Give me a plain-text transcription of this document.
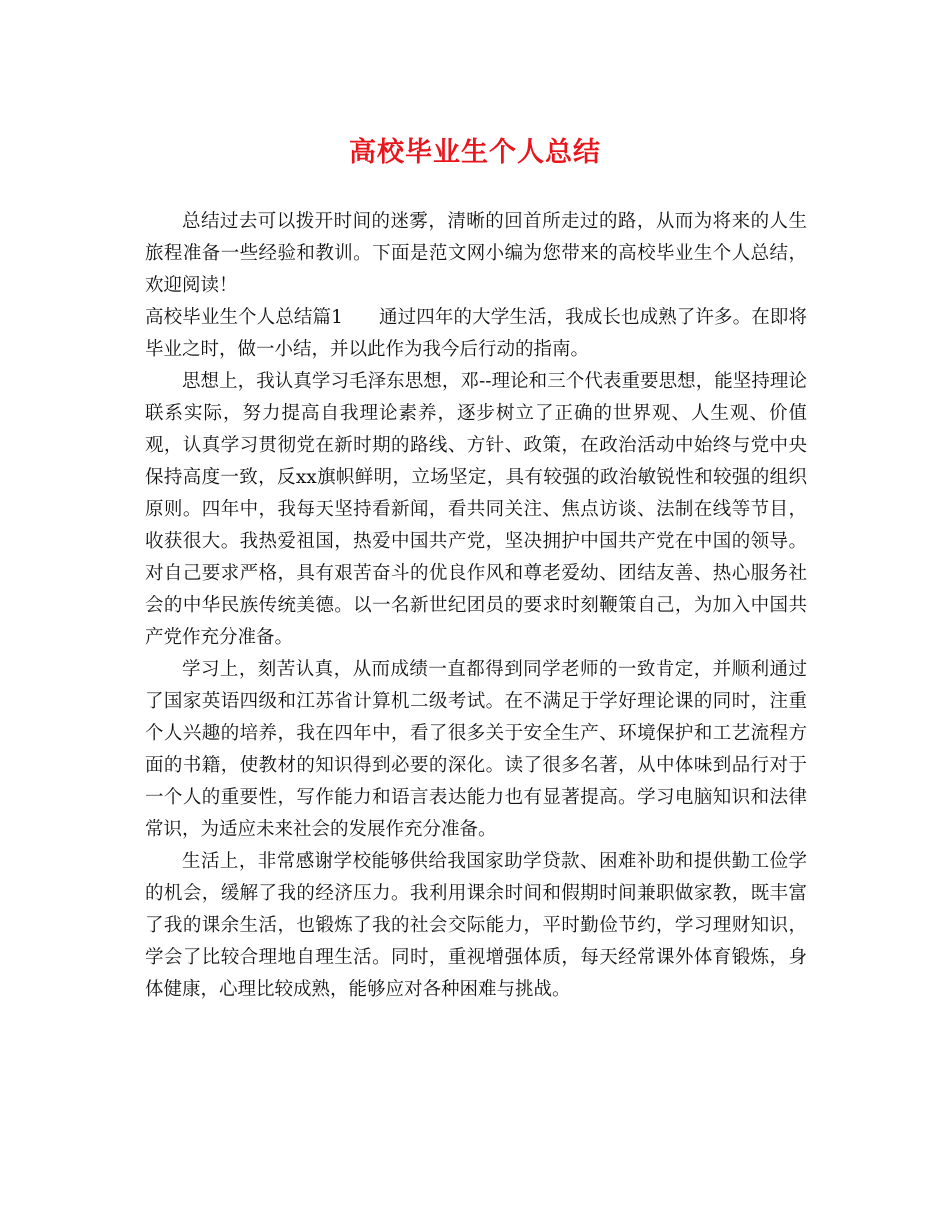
高校毕业生个人总结

总结过去可以拨开时间的迷雾，清晰的回首所走过的路，从而为将来的人生旅程准备一些经验和教训。下面是范文网小编为您带来的高校毕业生个人总结，欢迎阅读！

高校毕业生个人总结篇1 通过四年的大学生活，我成长也成熟了许多。在即将毕业之时，做一小结，并以此作为我今后行动的指南。

思想上，我认真学习毛泽东思想，邓--理论和三个代表重要思想，能坚持理论联系实际，努力提高自我理论素养，逐步树立了正确的世界观、人生观、价值观，认真学习贯彻党在新时期的路线、方针、政策，在政治活动中始终与党中央保持高度一致，反xx旗帜鲜明，立场坚定，具有较强的政治敏锐性和较强的组织原则。四年中，我每天坚持看新闻，看共同关注、焦点访谈、法制在线等节目，收获很大。我热爱祖国，热爱中国共产党，坚决拥护中国共产党在中国的领导。对自己要求严格，具有艰苦奋斗的优良作风和尊老爱幼、团结友善、热心服务社会的中华民族传统美德。以一名新世纪团员的要求时刻鞭策自己，为加入中国共产党作充分准备。

学习上，刻苦认真，从而成绩一直都得到同学老师的一致肯定，并顺利通过了国家英语四级和江苏省计算机二级考试。在不满足于学好理论课的同时，注重个人兴趣的培养，我在四年中，看了很多关于安全生产、环境保护和工艺流程方面的书籍，使教材的知识得到必要的深化。读了很多名著，从中体味到品行对于一个人的重要性，写作能力和语言表达能力也有显著提高。学习电脑知识和法律常识，为适应未来社会的发展作充分准备。

生活上，非常感谢学校能够供给我国家助学贷款、困难补助和提供勤工俭学的机会，缓解了我的经济压力。我利用课余时间和假期时间兼职做家教，既丰富了我的课余生活，也锻炼了我的社会交际能力，平时勤俭节约，学习理财知识，学会了比较合理地自理生活。同时，重视增强体质，每天经常课外体育锻炼，身体健康，心理比较成熟，能够应对各种困难与挑战。
